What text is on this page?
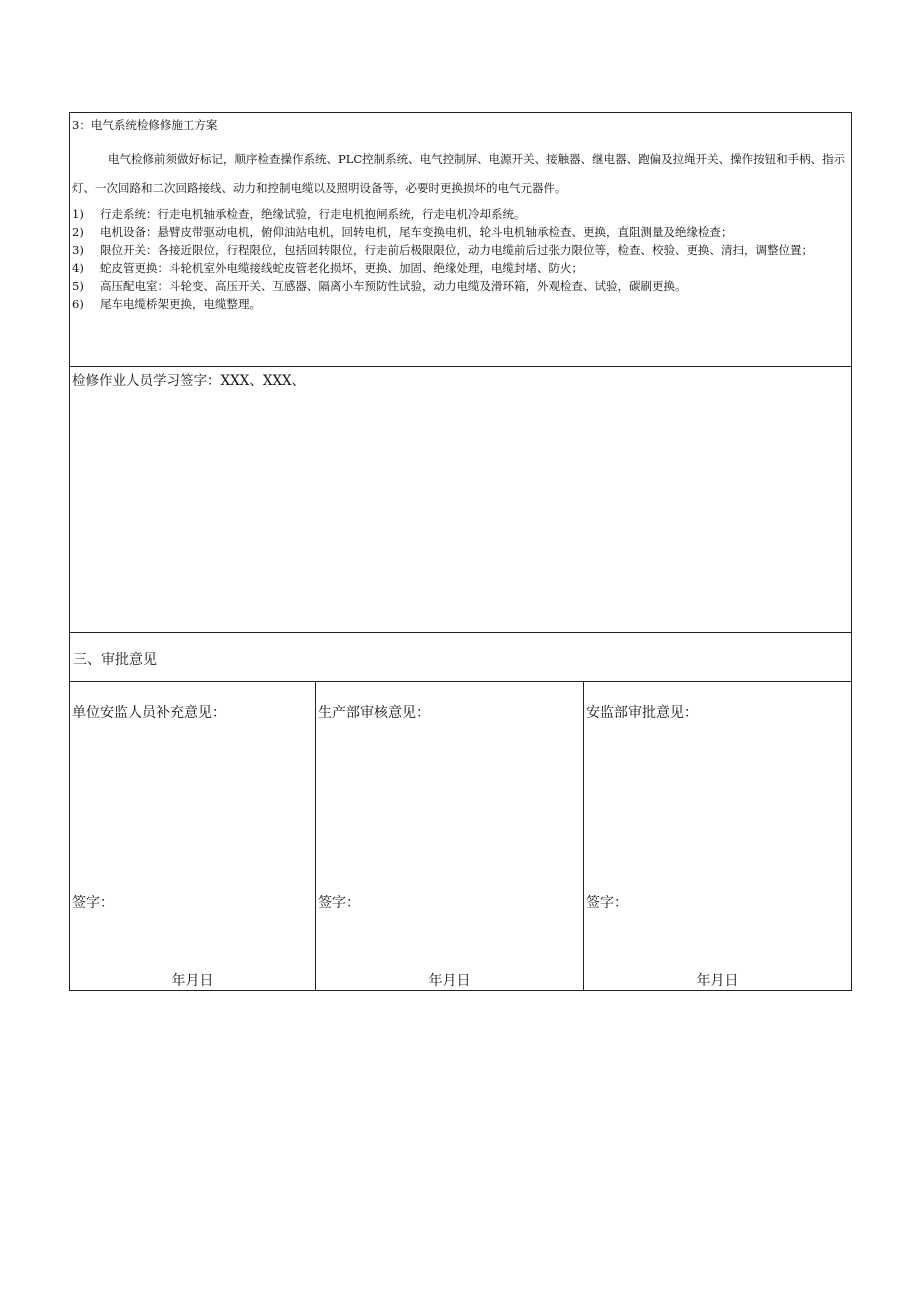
3：电气系统检修修施工方案

电气检修前须做好标记，顺序检查操作系统、PLC控制系统、电气控制屏、电源开关、接触器、继电器、跑偏及拉绳开关、操作按钮和手柄、指示灯、一次回路和二次回路接线、动力和控制电缆以及照明设备等，必要时更换损坏的电气元器件。

1)	行走系统：行走电机轴承检查，绝缘试验，行走电机抱闸系统，行走电机冷却系统。
2)	电机设备：悬臂皮带驱动电机，俯仰油站电机，回转电机，尾车变换电机，轮斗电机轴承检查、更换，直阻测量及绝缘检查；
3) 限位开关：各接近限位，行程限位，包括回转限位，行走前后极限限位，动力电缆前后过张力限位等，检查、校验、更换、清扫，调整位置；
4)	蛇皮管更换：斗轮机室外电缆接线蛇皮管老化损坏，更换、加固、绝缘处理，电缆封堵、防火；
5)	高压配电室：斗轮变、高压开关、互感器、隔离小车预防性试验，动力电缆及滑环箱，外观检查、试验，碳刷更换。
6)	尾车电缆桥架更换，电缆整理。
检修作业人员学习签字：XXX、XXX、
三、审批意见
单位安监人员补充意见：
签字：
年月日
生产部审核意见：
签字：
年月日
安监部审批意见：
签字：
年月日
